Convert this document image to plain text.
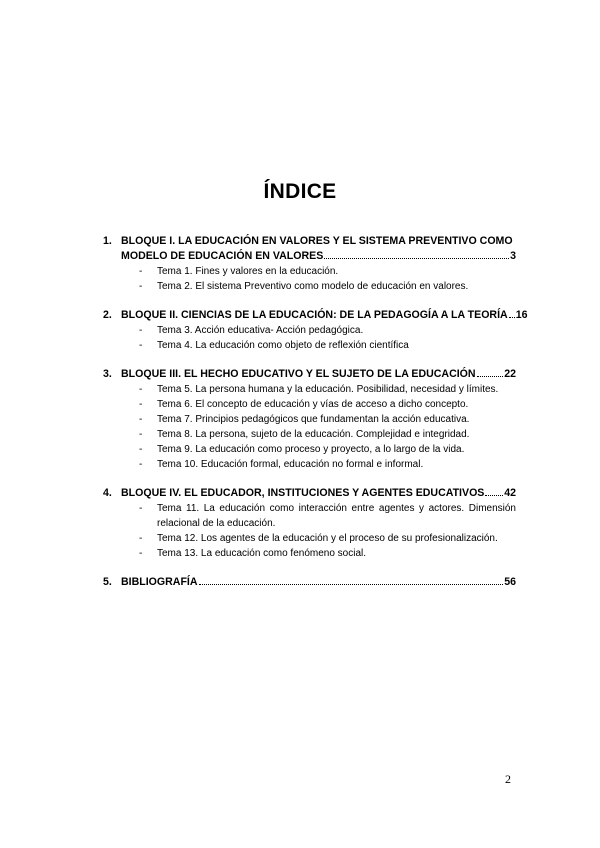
ÍNDICE
1. BLOQUE I. LA EDUCACIÓN EN VALORES Y EL SISTEMA PREVENTIVO COMO
MODELO DE EDUCACIÓN EN VALORES	3
-	Tema 1. Fines y valores en la educación.
-	Tema 2. El sistema Preventivo como modelo de educación en valores.
2. BLOQUE II. CIENCIAS DE LA EDUCACIÓN: DE LA PEDAGOGÍA A LA TEORÍA 16
-	Tema 3. Acción educativa- Acción pedagógica.
-	Tema 4. La educación como objeto de reflexión científica
3. BLOQUE III. EL HECHO EDUCATIVO Y EL SUJETO DE LA EDUCACIÓN	22
-	Tema 5. La persona humana y la educación. Posibilidad, necesidad y límites.
-	Tema 6. El concepto de educación y vías de acceso a dicho concepto.
-	Tema 7. Principios pedagógicos que fundamentan la acción educativa.
-	Tema 8. La persona, sujeto de la educación. Complejidad e integridad.
-	Tema 9. La educación como proceso y proyecto, a lo largo de la vida.
-	Tema 10. Educación formal, educación no formal e informal.
4. BLOQUE IV. EL EDUCADOR, INSTITUCIONES Y AGENTES EDUCATIVOS 42
-	Tema 11. La educación como interacción entre agentes y actores. Dimensión relacional de la educación.
-	Tema 12. Los agentes de la educación y el proceso de su profesionalización.
-	Tema 13. La educación como fenómeno social.
5. BIBLIOGRAFÍA	56
2
